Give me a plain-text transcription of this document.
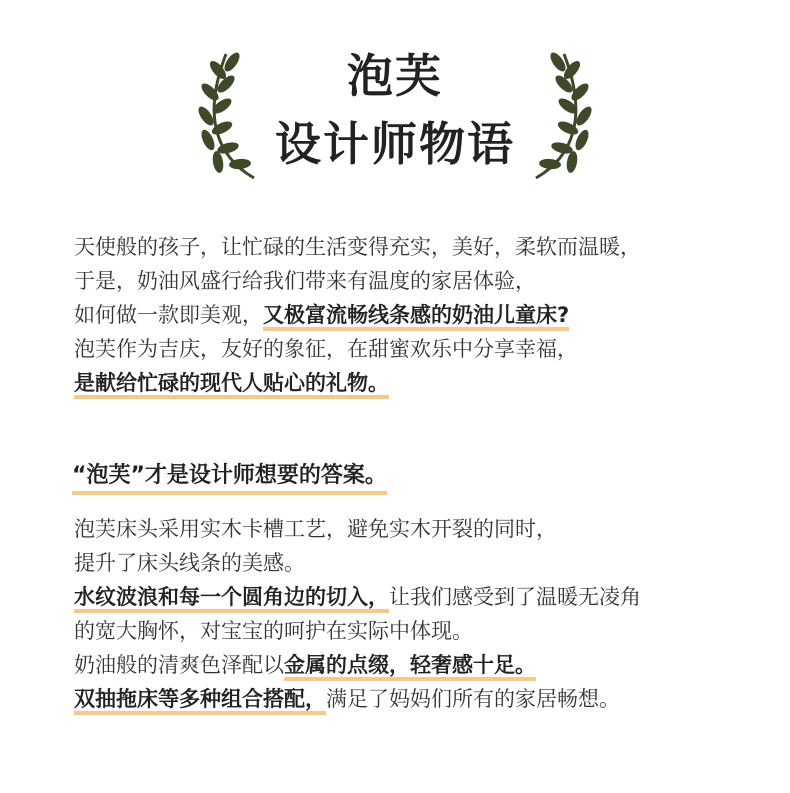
泡芙
设计师物语
天使般的孩子，让忙碌的生活变得充实，美好，柔软而温暖，
于是，奶油风盛行给我们带来有温度的家居体验，
如何做一款即美观，又极富流畅线条感的奶油儿童床?
泡芙作为吉庆，友好的象征，在甜蜜欢乐中分享幸福，
是献给忙碌的现代人贴心的礼物。
“泡芙”才是设计师想要的答案。
泡芙床头采用实木卡槽工艺，避免实木开裂的同时，
提升了床头线条的美感。
水纹波浪和每一个圆角边的切入，让我们感受到了温暖无凌角
的宽大胸怀，对宝宝的呵护在实际中体现。
奶油般的清爽色泽配以金属的点缀，轻奢感十足。
双抽拖床等多种组合搭配，满足了妈妈们所有的家居畅想。
